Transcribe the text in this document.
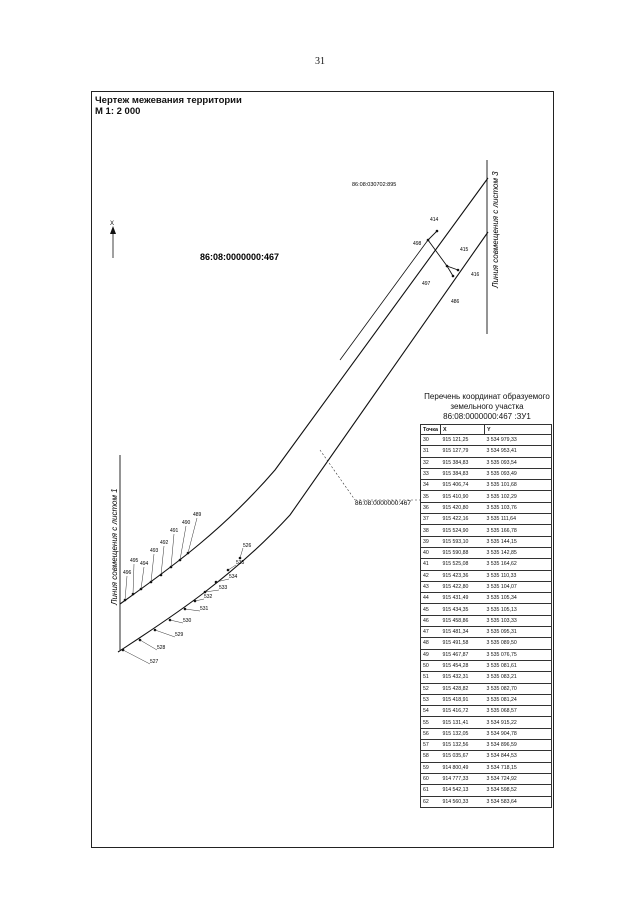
31
Чертеж межевания территории
М 1: 2 000
86:08:0000000:467
86:08:030702:895
86:08:0000000:467
X
Линия совмещения с листом 1
Линия совмещения с листом 3
414
498
415
416
497
486
489
490
491
492
493
494
495
496
526
535
534
533
532
531
530
529
528
527
Перечень координат образуемого
земельного участка
86:08:0000000:467 :ЗУ1
Точка	X	Y
30	915 121,25	3 534 979,33
31	915 127,79	3 534 953,41
32	915 384,83	3 535 093,54
33	915 384,83	3 535 093,49
34	915 406,74	3 535 101,68
35	915 410,90	3 535 102,29
36	915 420,80	3 535 103,76
37	915 422,16	3 535 111,64
38	915 524,90	3 535 166,78
39	915 593,10	3 535 144,15
40	915 590,88	3 535 142,85
41	915 525,08	3 535 164,62
42	915 423,36	3 535 110,33
43	915 422,80	3 535 104,07
44	915 431,49	3 535 105,34
45	915 434,35	3 535 105,13
46	915 458,86	3 535 103,33
47	915 481,34	3 535 095,31
48	915 491,58	3 535 089,50
49	915 467,87	3 535 076,75
50	915 454,28	3 535 081,61
51	915 432,31	3 535 083,21
52	915 428,82	3 535 082,70
53	915 418,91	3 535 081,24
54	915 416,72	3 535 068,57
55	915 131,41	3 534 915,22
56	915 132,05	3 534 904,78
57	915 132,56	3 534 896,59
58	915 035,67	3 534 844,53
59	914 800,49	3 534 718,15
60	914 777,33	3 534 724,92
61	914 542,13	3 534 598,52
62	914 560,33	3 534 583,64
